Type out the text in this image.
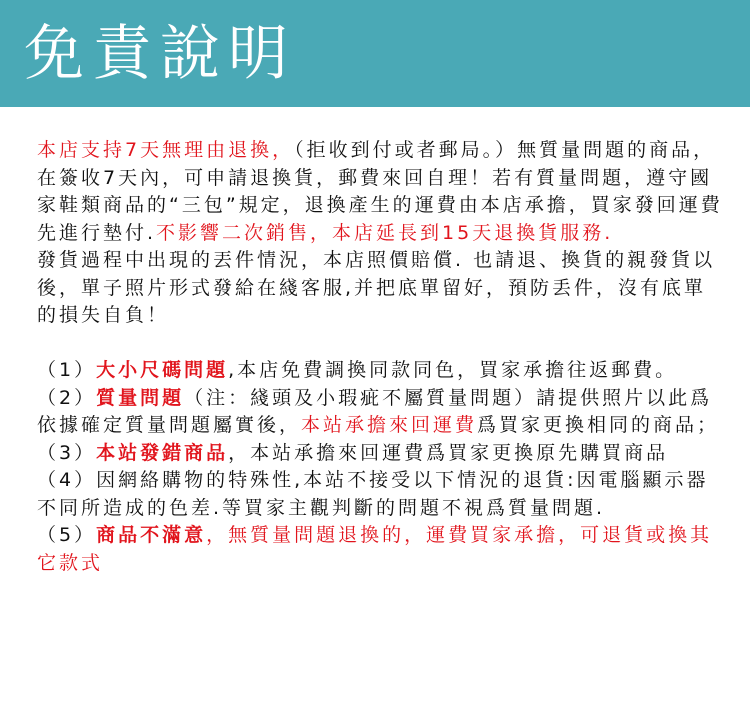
免責說明
本店支持7天無理由退換，（拒收到付或者郵局。）無質量問題的商品，在簽收7天內，可申請退換貨，郵費來回自理！若有質量問題，遵守國家鞋類商品的“三包”規定，退換產生的運費由本店承擔，買家發回運費先進行墊付.不影響二次銷售，本店延長到15天退換貨服務.
發貨過程中出現的丟件情況，本店照價賠償. 也請退、換貨的親發貨以後，單子照片形式發給在綫客服,并把底單留好，預防丢件，沒有底單的損失自負！
（1）大小尺碼問題,本店免費調換同款同色，買家承擔往返郵費。
（2）質量問題（注：綫頭及小瑕疵不屬質量問題）請提供照片以此爲依據確定質量問題屬實後，本站承擔來回運費爲買家更換相同的商品；
（3）本站發錯商品，本站承擔來回運費爲買家更換原先購買商品
（4）因網絡購物的特殊性,本站不接受以下情況的退貨:因電腦顯示器不同所造成的色差.等買家主觀判斷的問題不視爲質量問題.
（5）商品不滿意，無質量問題退換的，運費買家承擔，可退貨或換其它款式
